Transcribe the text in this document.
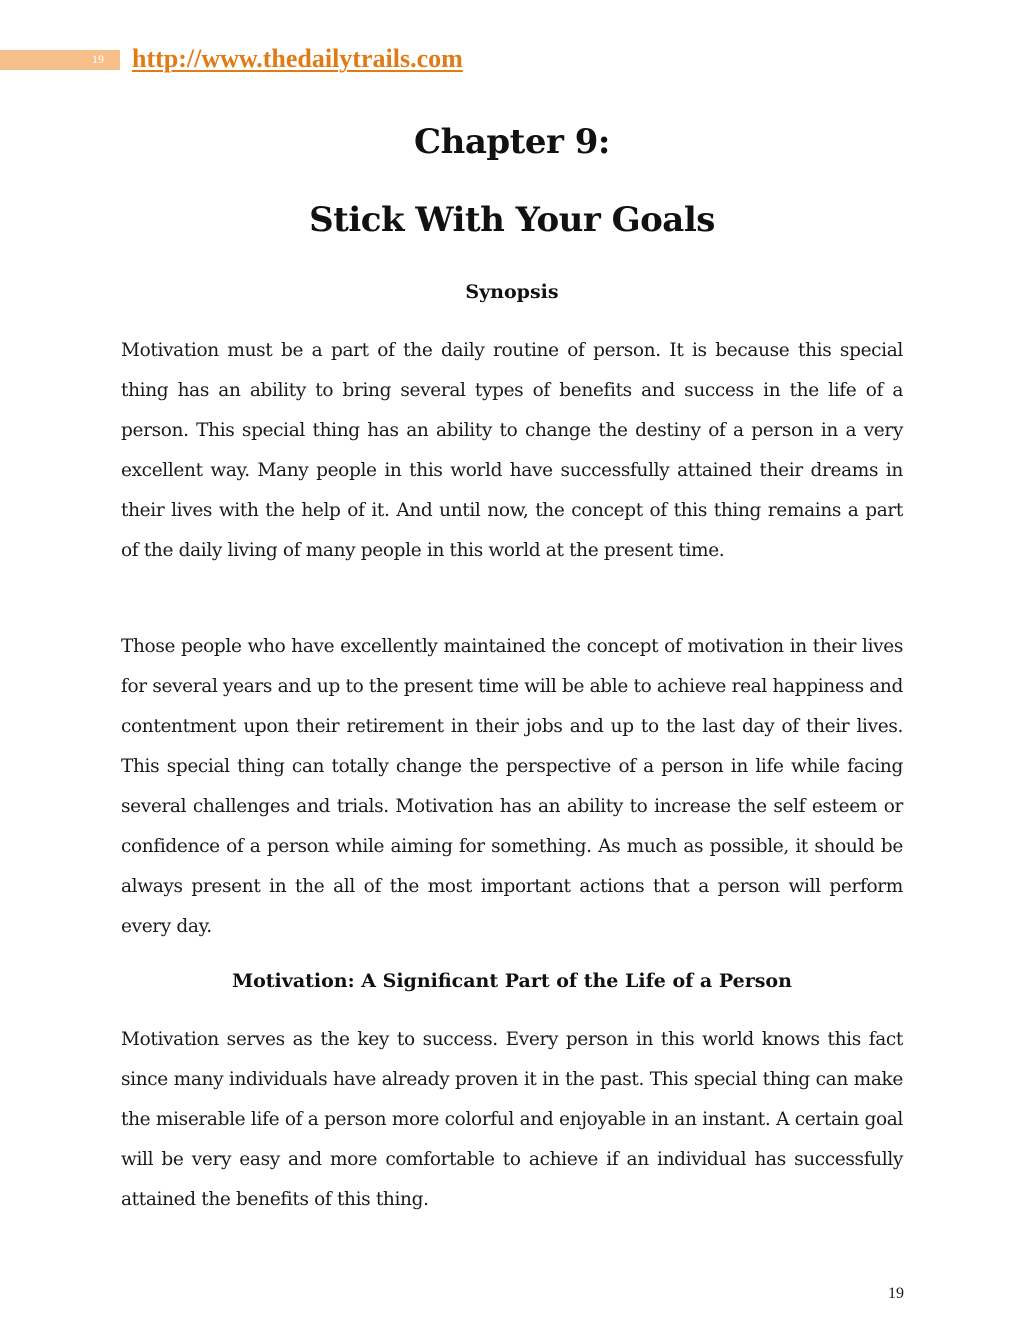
19 http://www.thedailytrails.com
Chapter 9:
Stick With Your Goals
Synopsis

Motivation must be a part of the daily routine of person. It is because this special thing has an ability to bring several types of benefits and success in the life of a person. This special thing has an ability to change the destiny of a person in a very excellent way. Many people in this world have successfully attained their dreams in their lives with the help of it. And until now, the concept of this thing remains a part of the daily living of many people in this world at the present time.

Those people who have excellently maintained the concept of motivation in their lives for several years and up to the present time will be able to achieve real happiness and contentment upon their retirement in their jobs and up to the last day of their lives. This special thing can totally change the perspective of a person in life while facing several challenges and trials. Motivation has an ability to increase the self esteem or confidence of a person while aiming for something. As much as possible, it should be always present in the all of the most important actions that a person will perform every day.

Motivation: A Significant Part of the Life of a Person

Motivation serves as the key to success. Every person in this world knows this fact since many individuals have already proven it in the past. This special thing can make the miserable life of a person more colorful and enjoyable in an instant. A certain goal will be very easy and more comfortable to achieve if an individual has successfully attained the benefits of this thing.

19
